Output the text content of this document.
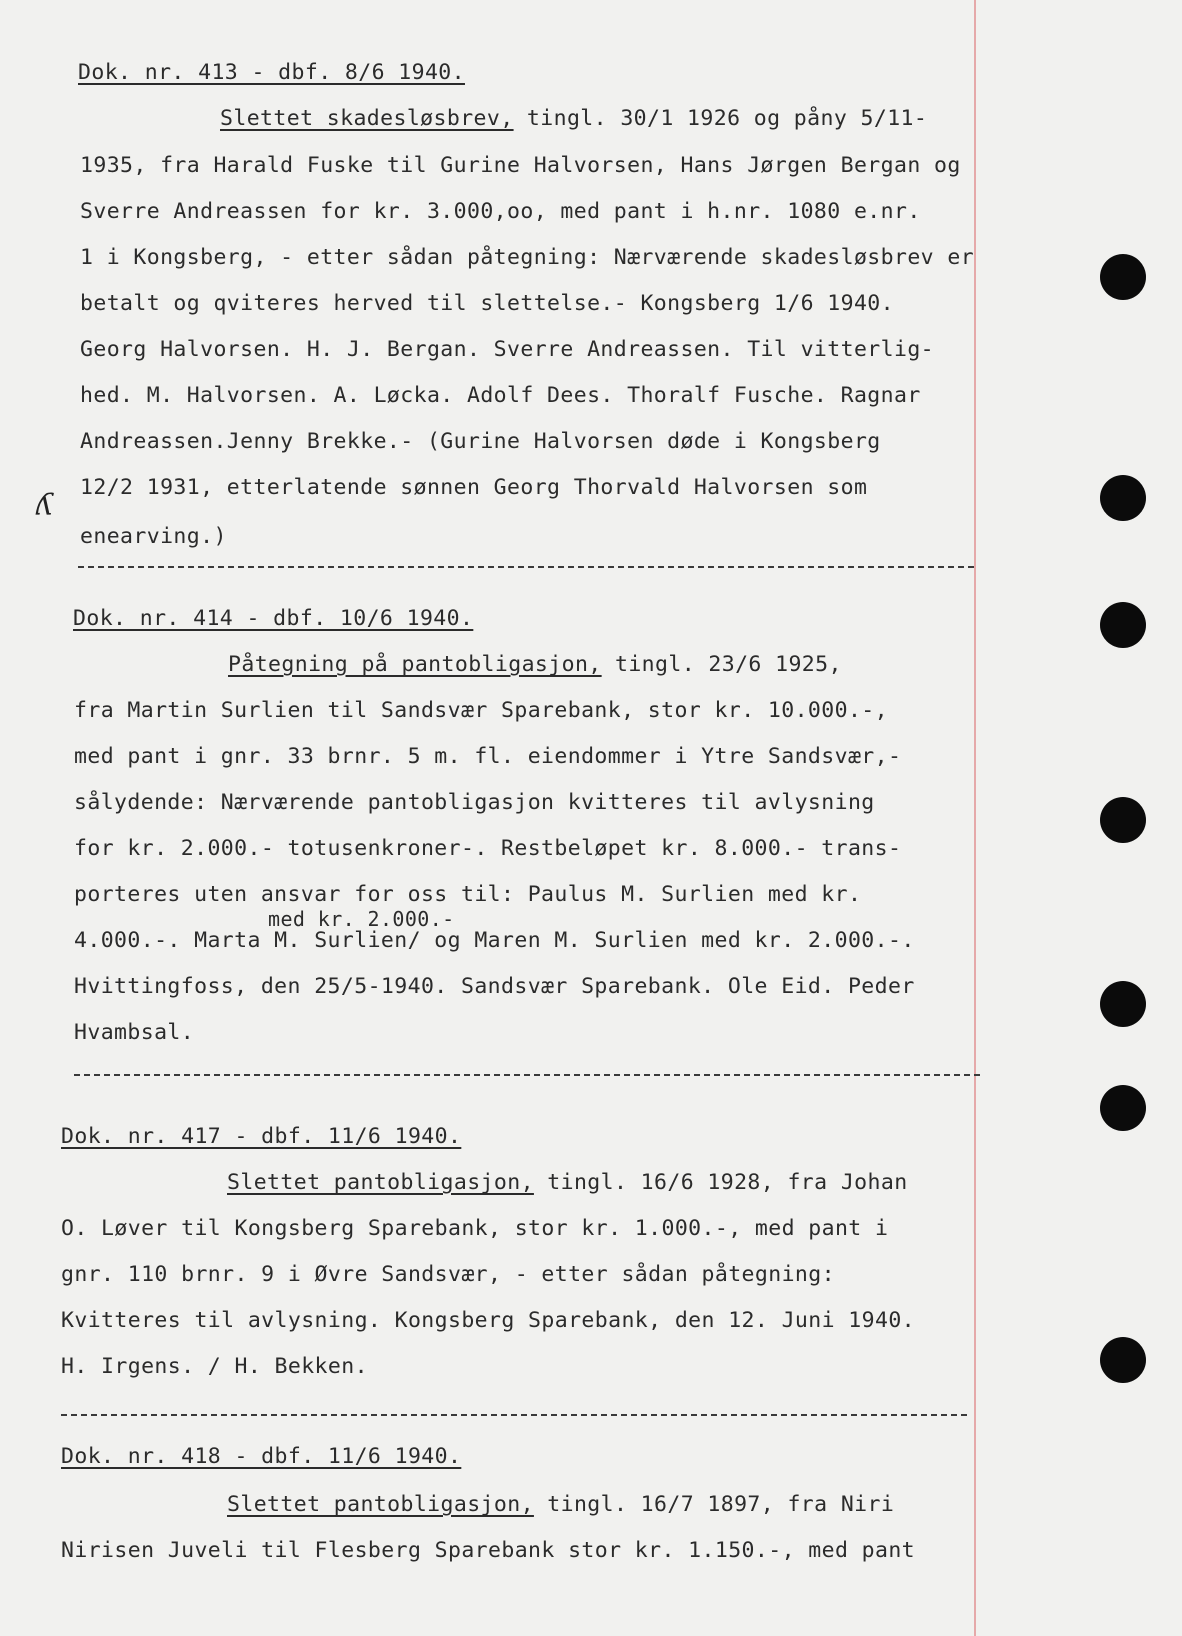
Dok. nr. 413 - dbf. 8/6 1940.
Slettet skadesløsbrev, tingl. 30/1 1926 og påny 5/11-
1935, fra Harald Fuske til Gurine Halvorsen, Hans Jørgen Bergan og
Sverre Andreassen for kr. 3.000,oo, med pant i h.nr. 1080 e.nr.
1 i Kongsberg, - etter sådan påtegning: Nærværende skadesløsbrev er
betalt og qviteres herved til slettelse.- Kongsberg 1/6 1940.
Georg Halvorsen. H. J. Bergan. Sverre Andreassen. Til vitterlig-
hed. M. Halvorsen. A. Løcka. Adolf Dees. Thoralf Fusche. Ragnar
Andreassen.Jenny Brekke.- (Gurine Halvorsen døde i Kongsberg
12/2 1931, etterlatende sønnen Georg Thorvald Halvorsen som
enearving.)
ʎ
Dok. nr. 414 - dbf. 10/6 1940.
Påtegning på pantobligasjon, tingl. 23/6 1925,
fra Martin Surlien til Sandsvær Sparebank, stor kr. 10.000.-,
med pant i gnr. 33 brnr. 5 m. fl. eiendommer i Ytre Sandsvær,-
sålydende: Nærværende pantobligasjon kvitteres til avlysning
for kr. 2.000.- totusenkroner-. Restbeløpet kr. 8.000.- trans-
porteres uten ansvar for oss til: Paulus M. Surlien med kr.
med kr. 2.000.-
4.000.-. Marta M. Surlien/ og Maren M. Surlien med kr. 2.000.-.
Hvittingfoss, den 25/5-1940. Sandsvær Sparebank. Ole Eid. Peder
Hvambsal.
Dok. nr. 417 - dbf. 11/6 1940.
Slettet pantobligasjon, tingl. 16/6 1928, fra Johan
O. Løver til Kongsberg Sparebank, stor kr. 1.000.-, med pant i
gnr. 110 brnr. 9 i Øvre Sandsvær, - etter sådan påtegning:
Kvitteres til avlysning. Kongsberg Sparebank, den 12. Juni 1940.
H. Irgens. / H. Bekken.
Dok. nr. 418 - dbf. 11/6 1940.
Slettet pantobligasjon, tingl. 16/7 1897, fra Niri
Nirisen Juveli til Flesberg Sparebank stor kr. 1.150.-, med pant
